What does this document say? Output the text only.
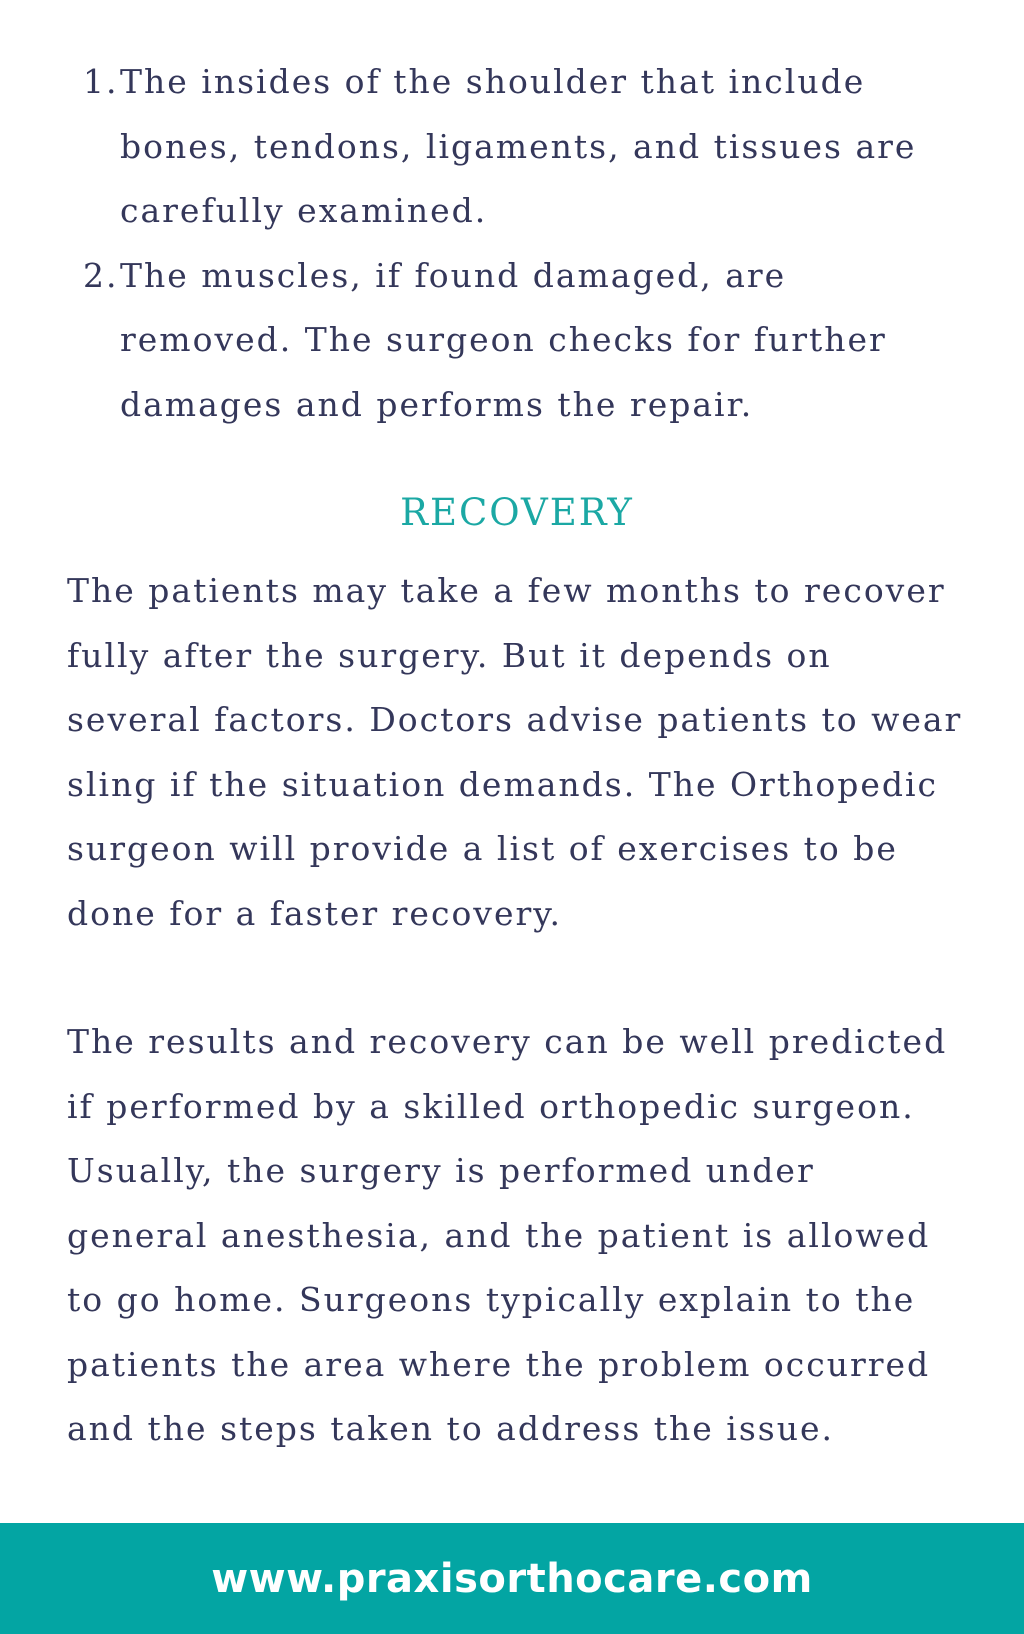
1. The insides of the shoulder that include bones, tendons, ligaments, and tissues are carefully examined.
2. The muscles, if found damaged, are removed. The surgeon checks for further damages and performs the repair.
RECOVERY

The patients may take a few months to recover fully after the surgery. But it depends on several factors. Doctors advise patients to wear sling if the situation demands. The Orthopedic surgeon will provide a list of exercises to be done for a faster recovery.

The results and recovery can be well predicted if performed by a skilled orthopedic surgeon. Usually, the surgery is performed under general anesthesia, and the patient is allowed to go home. Surgeons typically explain to the patients the area where the problem occurred and the steps taken to address the issue.

www.praxisorthocare.com
